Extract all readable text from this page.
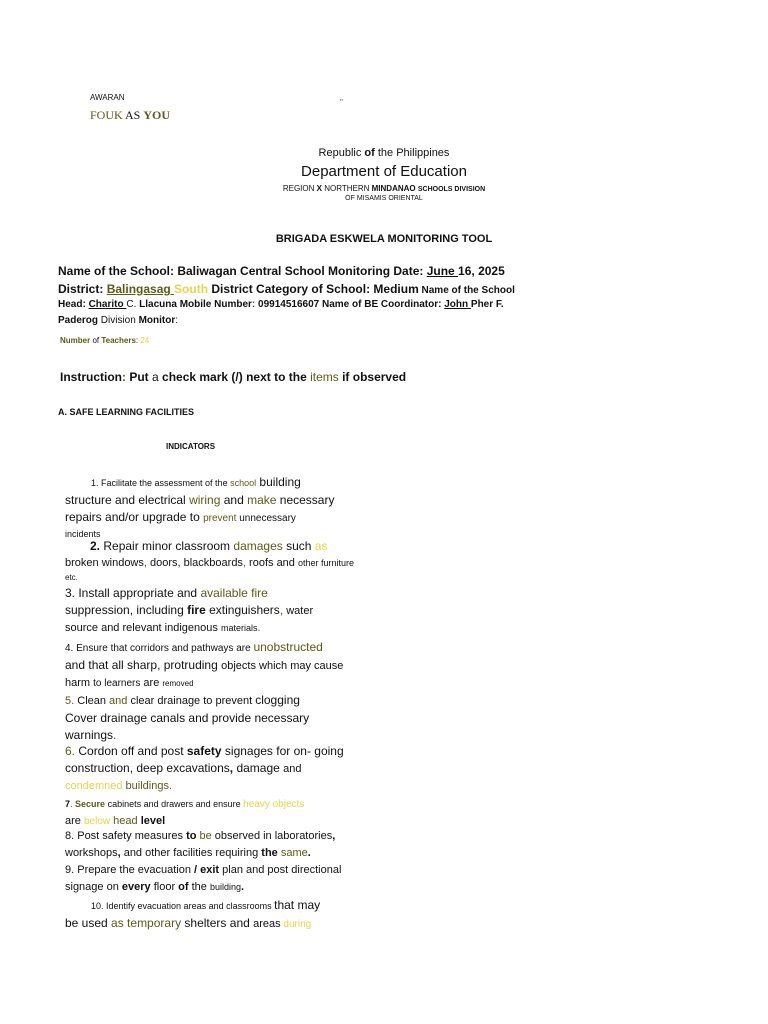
AWARAN
FOUK AS YOU
"
Republic of the Philippines
Department of Education
REGION X NORTHERN MINDANAO SCHOOLS DIVISION
OF MISAMIS ORIENTAL
BRIGADA ESKWELA MONITORING TOOL
Name of the School: Baliwagan Central School Monitoring Date: June 16, 2025
District: Balingasag South District Category of School: Medium Name of the School
Head: Charito C. Llacuna Mobile Number: 09914516607 Name of BE Coordinator: John Pher F.
Paderog Division Monitor:
Number of Teachers: 24
Instruction: Put a check mark (/) next to the items if observed
A. SAFE LEARNING FACILITIES
INDICATORS
1. Facilitate the assessment of the school building
structure and electrical wiring and make necessary
repairs and/or upgrade to prevent unnecessary
incidents
2. Repair minor classroom damages such as
broken windows, doors, blackboards, roofs and other furniture
etc.
3. Install appropriate and available fire
suppression, including fire extinguishers, water
source and relevant indigenous materials.
4. Ensure that corridors and pathways are unobstructed
and that all sharp, protruding objects which may cause
harm to learners are removed
5. Clean and clear drainage to prevent clogging
Cover drainage canals and provide necessary
warnings.
6. Cordon off and post safety signages for on- going
construction, deep excavations, damage and
condemned buildings.
7. Secure cabinets and drawers and ensure heavy objects
are below head level
8. Post safety measures to be observed in laboratories,
workshops, and other facilities requiring the same.
9. Prepare the evacuation / exit plan and post directional
signage on every floor of the building.
10. Identify evacuation areas and classrooms that may
be used as temporary shelters and areas during
